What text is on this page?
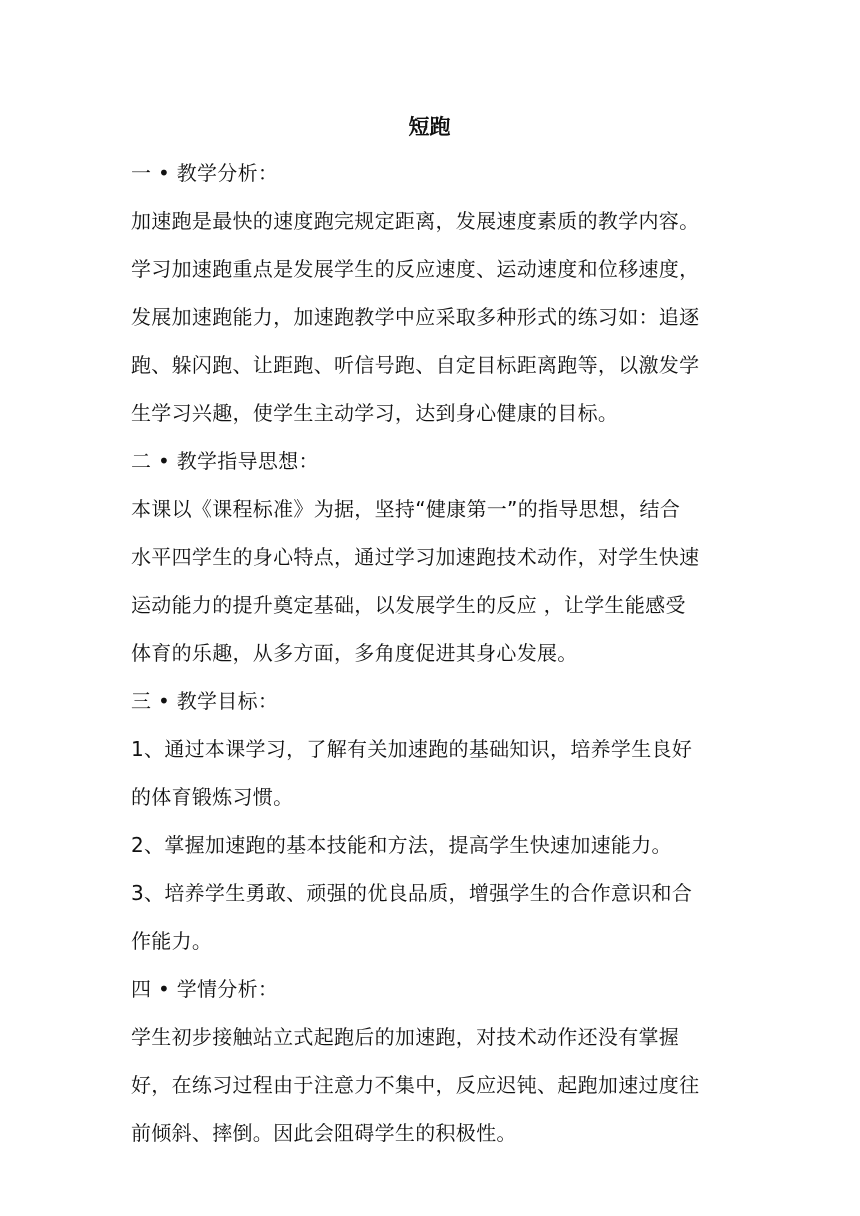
短跑
一 • 教学分析：
加速跑是最快的速度跑完规定距离，发展速度素质的教学内容。
学习加速跑重点是发展学生的反应速度、运动速度和位移速度，
发展加速跑能力，加速跑教学中应采取多种形式的练习如：追逐
跑、躲闪跑、让距跑、听信号跑、自定目标距离跑等，以激发学
生学习兴趣，使学生主动学习，达到身心健康的目标。
二 • 教学指导思想：
本课以《课程标准》为据，坚持“健康第一”的指导思想，结合
水平四学生的身心特点，通过学习加速跑技术动作，对学生快速
运动能力的提升奠定基础，以发展学生的反应 ，让学生能感受
体育的乐趣，从多方面，多角度促进其身心发展。
三 • 教学目标：
1、通过本课学习，了解有关加速跑的基础知识，培养学生良好
的体育锻炼习惯。
2、掌握加速跑的基本技能和方法，提高学生快速加速能力。
3、培养学生勇敢、顽强的优良品质，增强学生的合作意识和合
作能力。
四 • 学情分析：
学生初步接触站立式起跑后的加速跑，对技术动作还没有掌握
好，在练习过程由于注意力不集中，反应迟钝、起跑加速过度往
前倾斜、摔倒。因此会阻碍学生的积极性。
